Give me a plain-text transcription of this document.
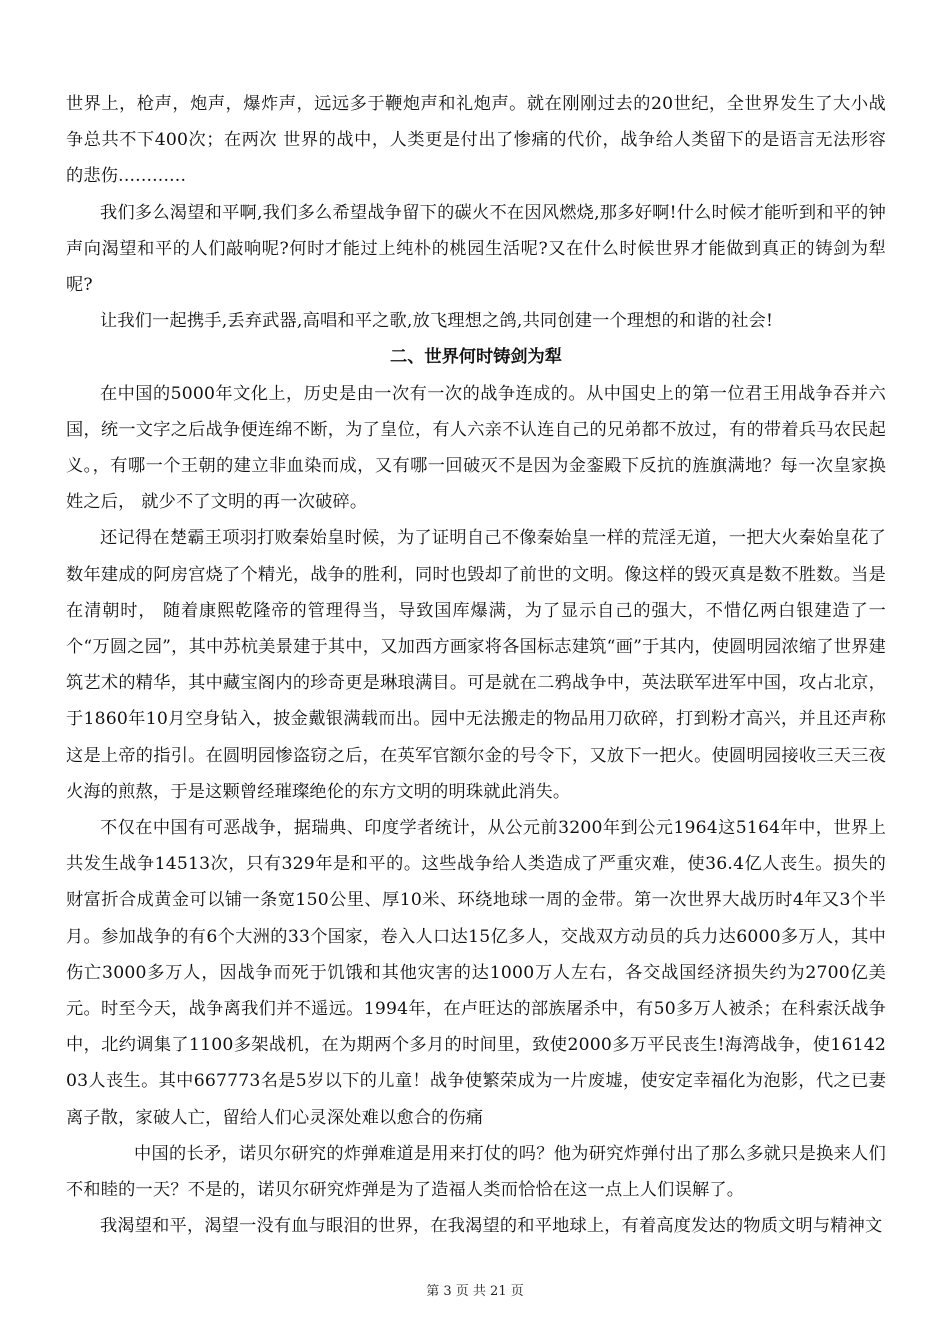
世界上，枪声，炮声，爆炸声，远远多于鞭炮声和礼炮声。就在刚刚过去的20世纪，全世界发生了大小战争总共不下400次；在两次 世界的战中，人类更是付出了惨痛的代价，战争给人类留下的是语言无法形容的悲伤............

我们多么渴望和平啊,我们多么希望战争留下的碳火不在因风燃烧,那多好啊!什么时候才能听到和平的钟声向渴望和平的人们敲响呢?何时才能过上纯朴的桃园生活呢?又在什么时候世界才能做到真正的铸剑为犁呢?

让我们一起携手,丢弃武器,高唱和平之歌,放飞理想之鸽,共同创建一个理想的和谐的社会!

二、世界何时铸剑为犁

在中国的5000年文化上，历史是由一次有一次的战争连成的。从中国史上的第一位君王用战争吞并六国，统一文字之后战争便连绵不断，为了皇位，有人六亲不认连自己的兄弟都不放过，有的带着兵马农民起义。，有哪一个王朝的建立非血染而成，又有哪一回破灭不是因为金銮殿下反抗的旌旗满地？每一次皇家换姓之后， 就少不了文明的再一次破碎。

还记得在楚霸王项羽打败秦始皇时候，为了证明自己不像秦始皇一样的荒淫无道，一把大火秦始皇花了数年建成的阿房宫烧了个精光，战争的胜利，同时也毁却了前世的文明。像这样的毁灭真是数不胜数。当是在清朝时， 随着康熙乾隆帝的管理得当，导致国库爆满，为了显示自己的强大，不惜亿两白银建造了一个“万圆之园”，其中苏杭美景建于其中，又加西方画家将各国标志建筑“画”于其内，使圆明园浓缩了世界建筑艺术的精华，其中藏宝阁内的珍奇更是琳琅满目。可是就在二鸦战争中，英法联军进军中国，攻占北京，于1860年10月空身钻入，披金戴银满载而出。园中无法搬走的物品用刀砍碎，打到粉才高兴，并且还声称这是上帝的指引。在圆明园惨盗窃之后，在英军官额尔金的号令下，又放下一把火。使圆明园接收三天三夜火海的煎熬，于是这颗曾经璀璨绝伦的东方文明的明珠就此消失。

不仅在中国有可恶战争，据瑞典、印度学者统计，从公元前3200年到公元1964这5164年中，世界上共发生战争14513次，只有329年是和平的。这些战争给人类造成了严重灾难，使36.4亿人丧生。损失的财富折合成黄金可以铺一条宽150公里、厚10米、环绕地球一周的金带。第一次世界大战历时4年又3个半月。参加战争的有6个大洲的33个国家，卷入人口达15亿多人，交战双方动员的兵力达6000多万人，其中伤亡3000多万人，因战争而死于饥饿和其他灾害的达1000万人左右，各交战国经济损失约为2700亿美元。时至今天，战争离我们并不遥远。1994年，在卢旺达的部族屠杀中，有50多万人被杀；在科索沃战争中，北约调集了1100多架战机，在为期两个多月的时间里，致使2000多万平民丧生!海湾战争，使1614203人丧生。其中667773名是5岁以下的儿童！战争使繁荣成为一片废墟，使安定幸福化为泡影，代之已妻离子散，家破人亡，留给人们心灵深处难以愈合的伤痛

中国的长矛，诺贝尔研究的炸弹难道是用来打仗的吗？他为研究炸弹付出了那么多就只是换来人们不和睦的一天？不是的，诺贝尔研究炸弹是为了造福人类而恰恰在这一点上人们误解了。

我渴望和平，渴望一没有血与眼泪的世界，在我渴望的和平地球上，有着高度发达的物质文明与精神文

第 3 页 共 21 页
